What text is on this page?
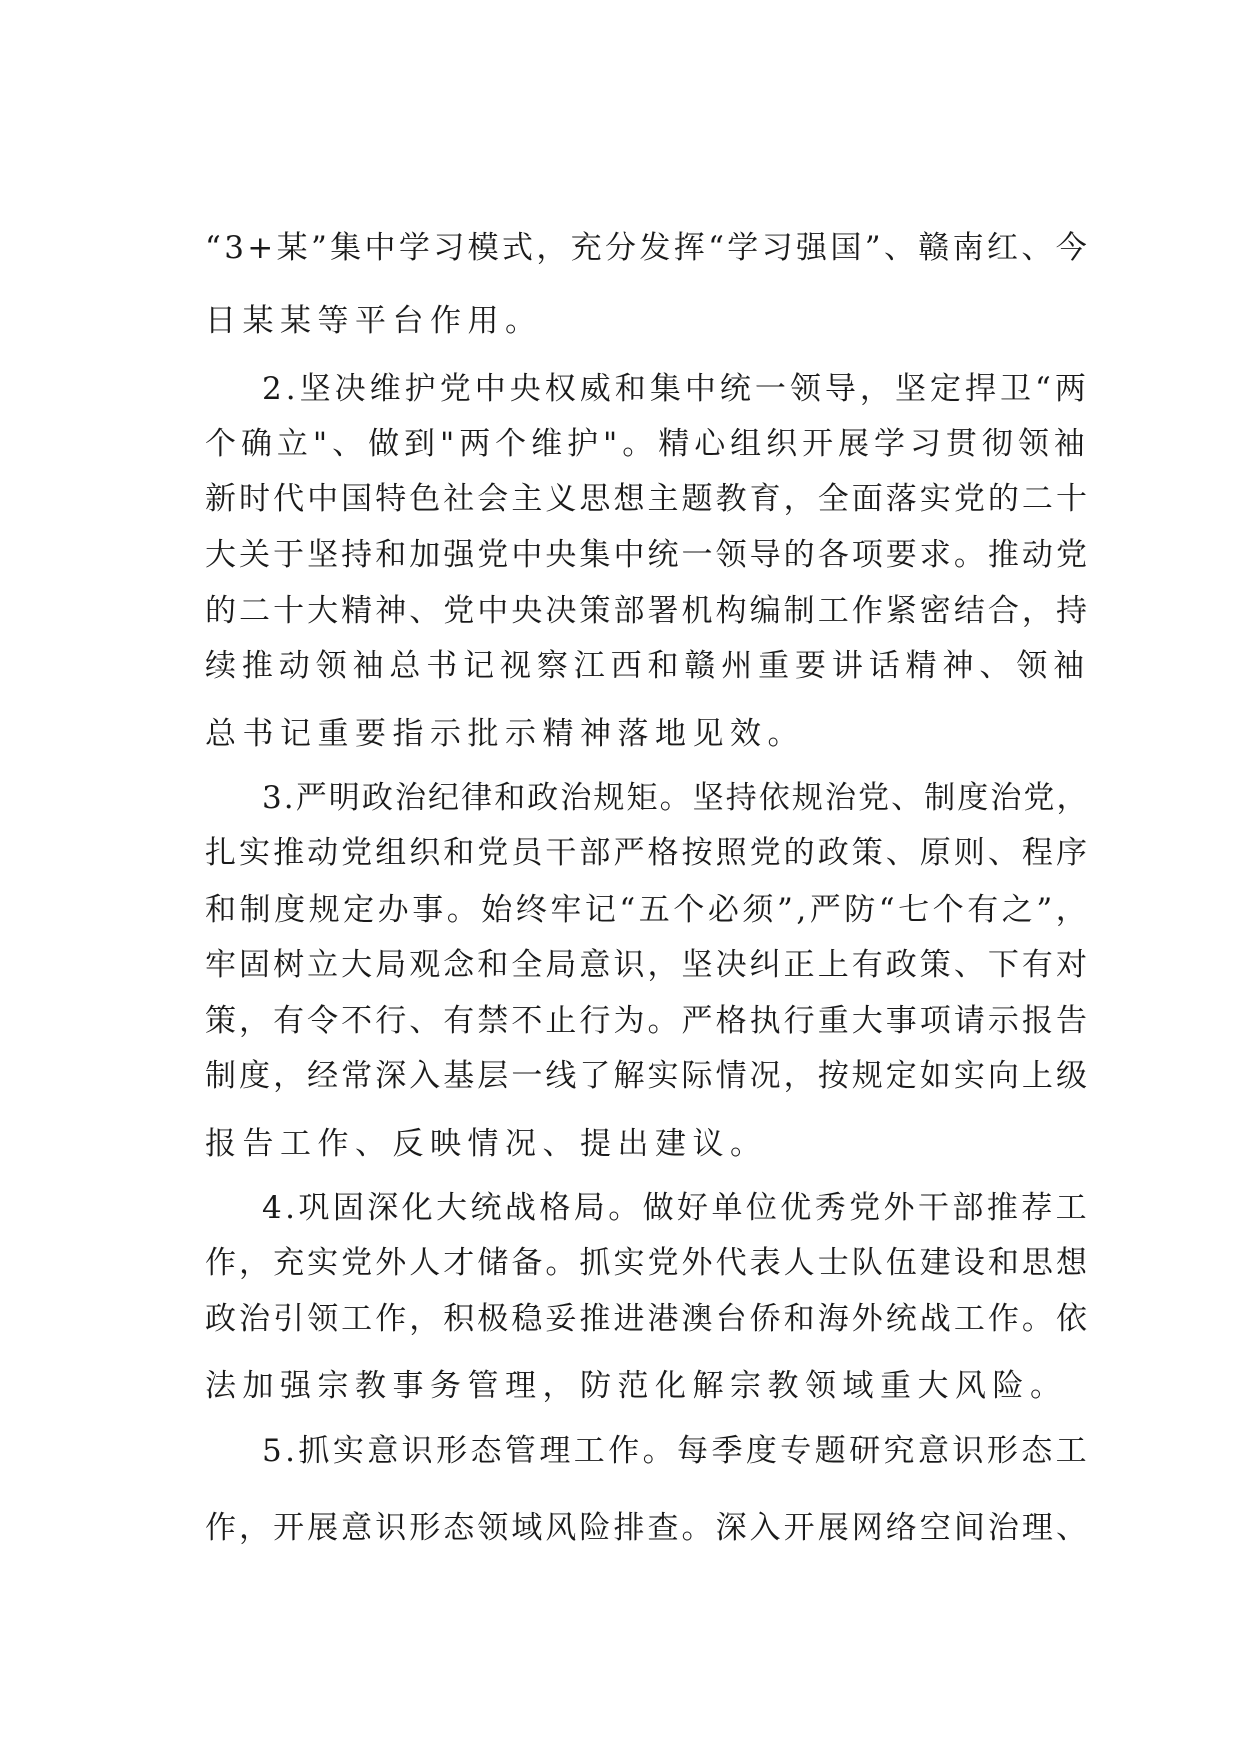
“3+某”集中学习模式，充分发挥“学习强国”、赣南红、今
日某某等平台作用。
2.坚决维护党中央权威和集中统一领导，坚定捍卫“两
个确立"、做到"两个维护"。精心组织开展学习贯彻领袖
新时代中国特色社会主义思想主题教育，全面落实党的二十
大关于坚持和加强党中央集中统一领导的各项要求。推动党
的二十大精神、党中央决策部署机构编制工作紧密结合，持
续推动领袖总书记视察江西和赣州重要讲话精神、领袖
总书记重要指示批示精神落地见效。
3.严明政治纪律和政治规矩。坚持依规治党、制度治党，
扎实推动党组织和党员干部严格按照党的政策、原则、程序
和制度规定办事。始终牢记“五个必须”,严防“七个有之”，
牢固树立大局观念和全局意识，坚决纠正上有政策、下有对
策，有令不行、有禁不止行为。严格执行重大事项请示报告
制度，经常深入基层一线了解实际情况，按规定如实向上级
报告工作、反映情况、提出建议。
4.巩固深化大统战格局。做好单位优秀党外干部推荐工
作，充实党外人才储备。抓实党外代表人士队伍建设和思想
政治引领工作，积极稳妥推进港澳台侨和海外统战工作。依
法加强宗教事务管理，防范化解宗教领域重大风险。
5.抓实意识形态管理工作。每季度专题研究意识形态工
作，开展意识形态领域风险排查。深入开展网络空间治理、
